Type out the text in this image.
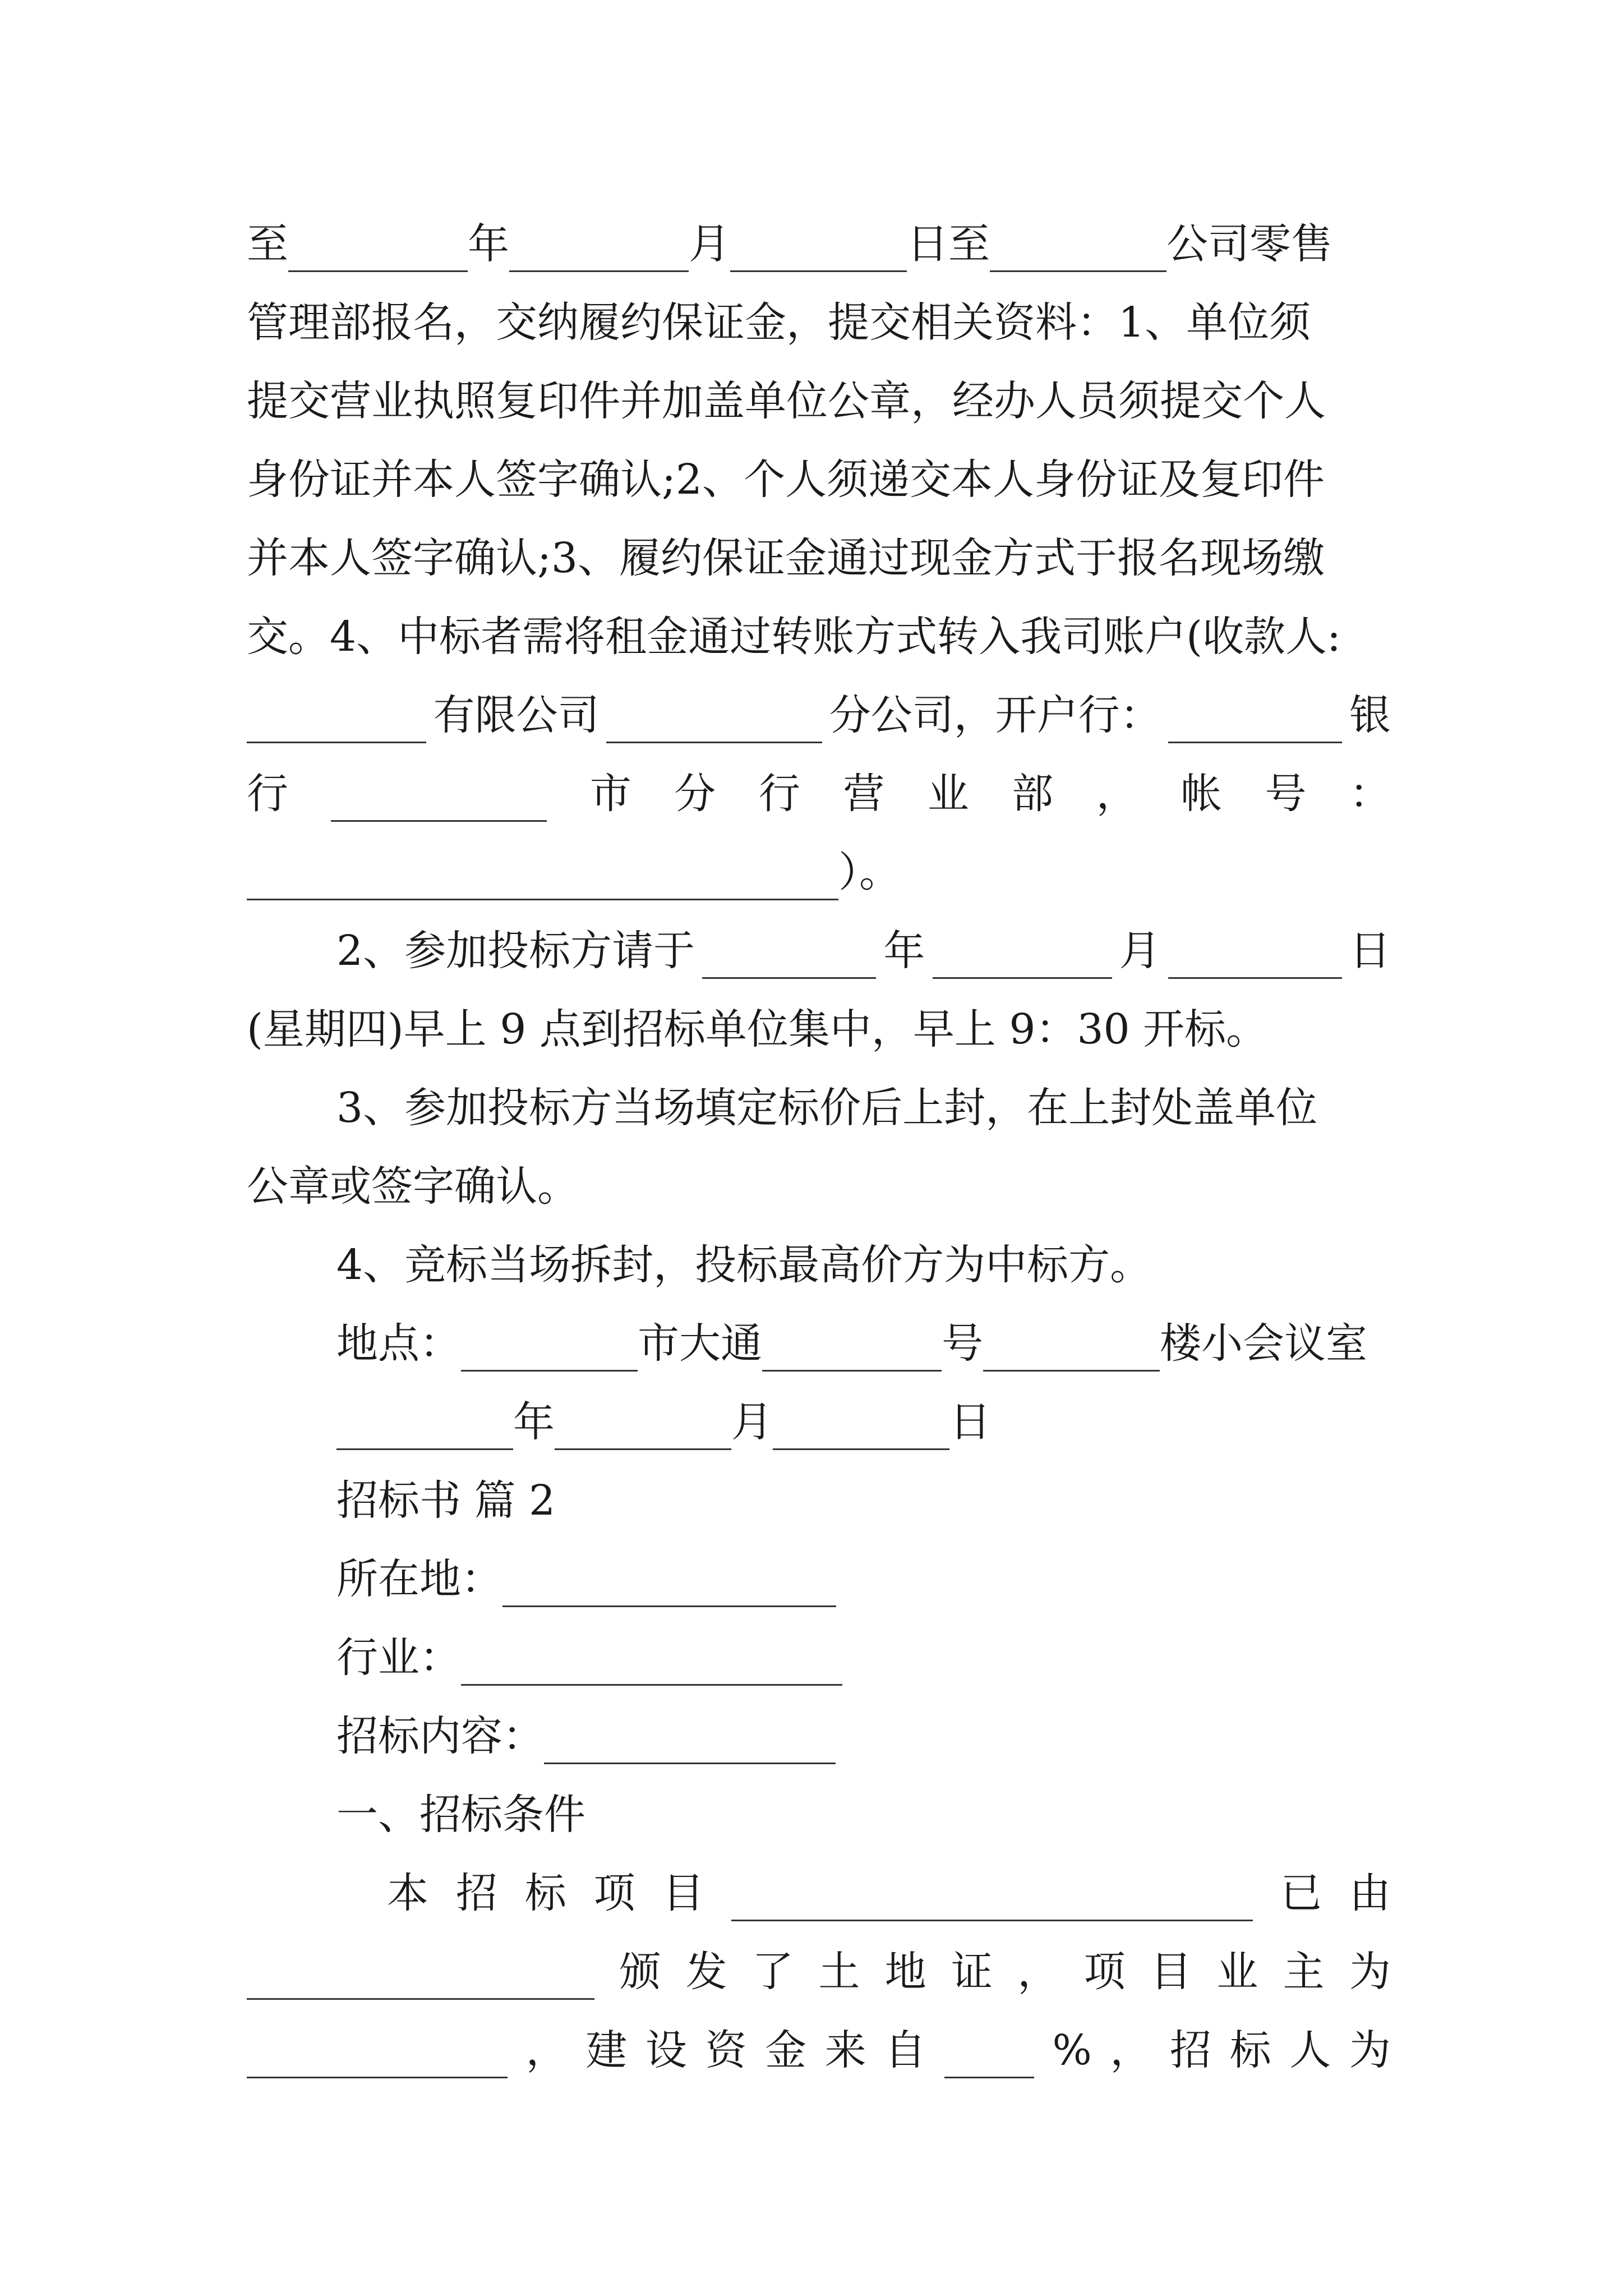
至	年	月	日至	公司零售
管理部报名，交纳履约保证金，提交相关资料：1、单位须
提交营业执照复印件并加盖单位公章，经办人员须提交个人
身份证并本人签字确认;2、个人须递交本人身份证及复印件
并本人签字确认;3、履约保证金通过现金方式于报名现场缴
交。4、中标者需将租金通过转账方式转入我司账户(收款人:
有限公司	分公司，开户行：	银
行	市 分 行 营 业 部 ， 帐 号 ：
）。
2、参加投标方请于	年	月	日
(星期四)早上 9 点到招标单位集中，早上 9：30 开标。
3、参加投标方当场填定标价后上封，在上封处盖单位
公章或签字确认。
4、竞标当场拆封，投标最高价方为中标方。
地点：	市大通	号	楼小会议室
年	月	日
招标书 篇 2
所在地：
行业：
招标内容：
一、招标条件
本 招 标 项 目	已 由
颁 发 了 土 地 证 ， 项 目 业 主 为
， 建 设 资 金 来 自	% ， 招 标 人 为
